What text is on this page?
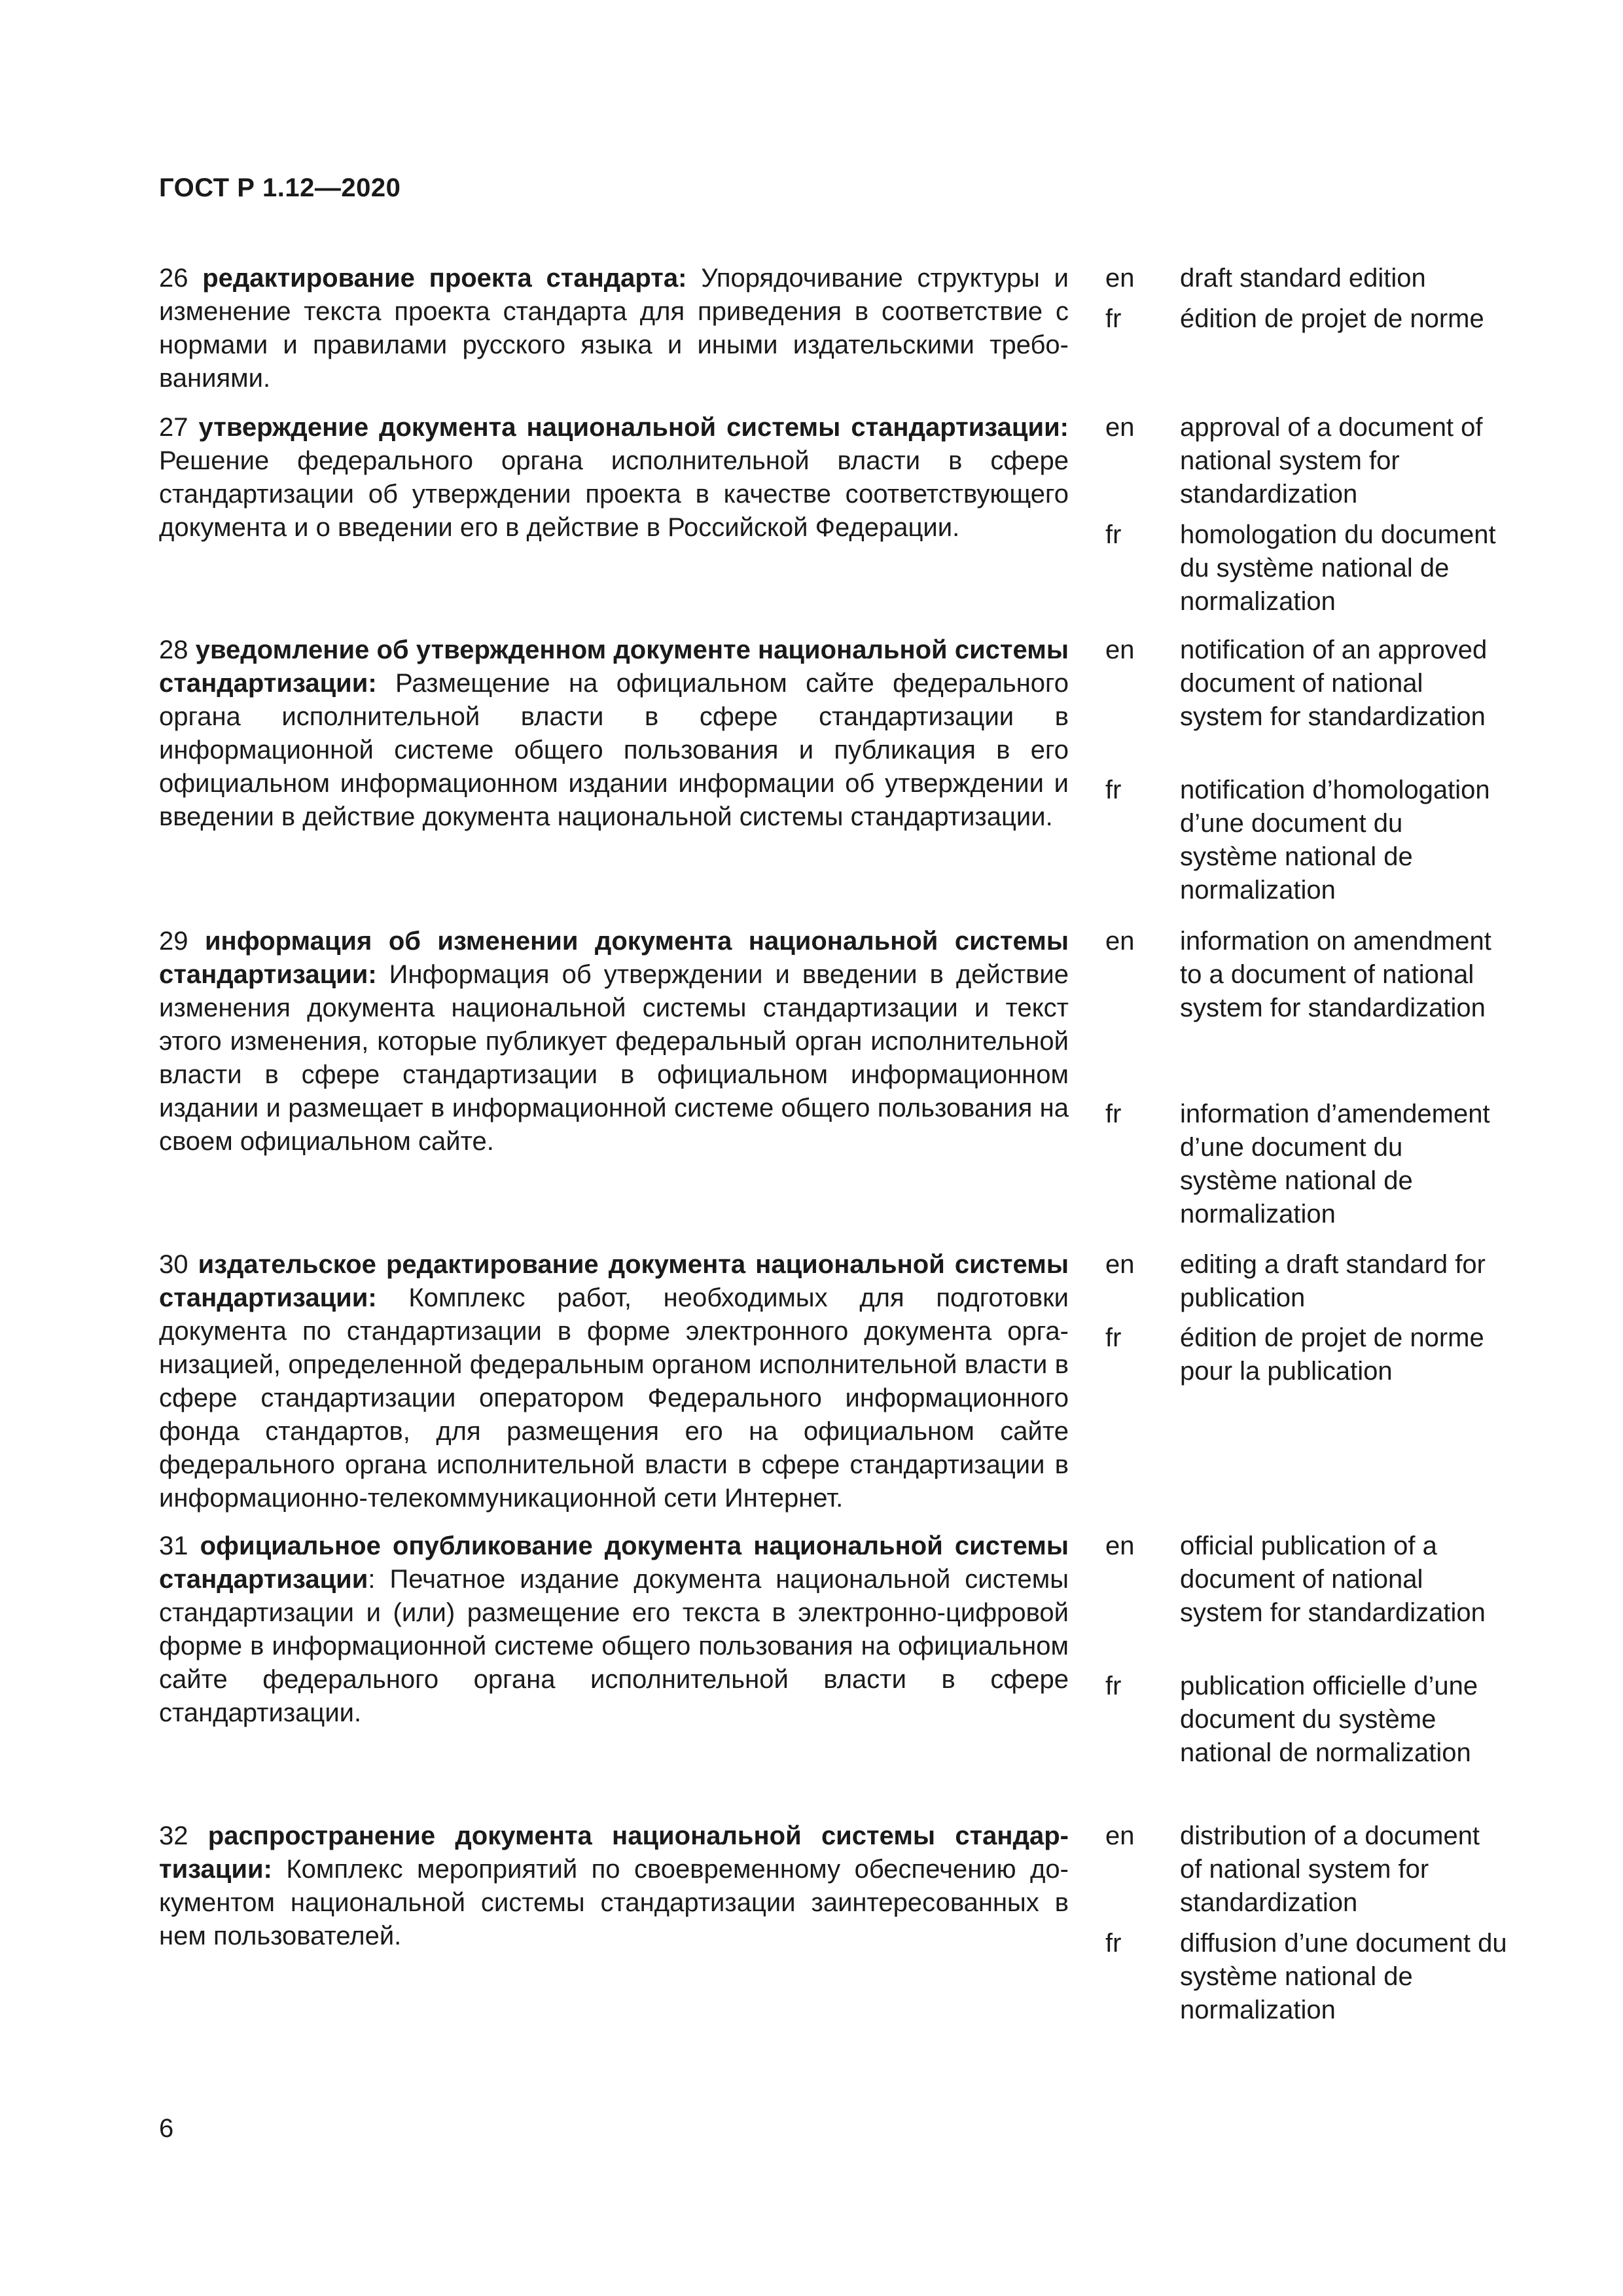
ГОСТ Р 1.12—2020

26 редактирование проекта стандарта: Упорядочивание структуры и изменение текста проекта стандарта для приведения в соответствие с нормами и правилами русского языка и иными издательскими требованиями.

en draft standard edition
fr édition de projet de norme

27 утверждение документа национальной системы стандартизации: Решение федерального органа исполнительной власти в сфере стандартизации об утверждении проекта в качестве соответствующего документа и о введении его в действие в Российской Федерации.

en approval of a document of national system for standardization
fr homologation du document du système national de normalization

28 уведомление об утвержденном документе национальной системы стандартизации: Размещение на официальном сайте федерального органа исполнительной власти в сфере стандартизации в информационной системе общего пользования и публикация в его официальном информационном издании информации об утверждении и введении в действие документа национальной системы стандартизации.

en notification of an approved document of national system for standardization
fr notification d’homologation d’une document du système national de normalization

29 информация об изменении документа национальной системы стандартизации: Информация об утверждении и введении в действие изменения документа национальной системы стандартизации и текст этого изменения, которые публикует федеральный орган исполнительной власти в сфере стандартизации в официальном информационном издании и размещает в информационной системе общего пользования на своем официальном сайте.

en information on amendment to a document of national system for standardization
fr information d’amendement d’une document du système national de normalization

30 издательское редактирование документа национальной системы стандартизации: Комплекс работ, необходимых для подготовки документа по стандартизации в форме электронного документа организацией, определенной федеральным органом исполнительной власти в сфере стандартизации оператором Федерального информационного фонда стандартов, для размещения его на официальном сайте федерального органа исполнительной власти в сфере стандартизации в информационно-телекоммуникационной сети Интернет.

en editing a draft standard for publication
fr édition de projet de norme pour la publication

31 официальное опубликование документа национальной системы стандартизации: Печатное издание документа национальной системы стандартизации и (или) размещение его текста в электронно-цифровой форме в информационной системе общего пользования на официальном сайте федерального органа исполнительной власти в сфере стандартизации.

en official publication of a document of national system for standardization
fr publication officielle d’une document du système national de normalization

32 распространение документа национальной системы стандартизации: Комплекс мероприятий по своевременному обеспечению документом национальной системы стандартизации заинтересованных в нем пользователей.

en distribution of a document of national system for standardization
fr diffusion d’une document du système national de normalization
6
